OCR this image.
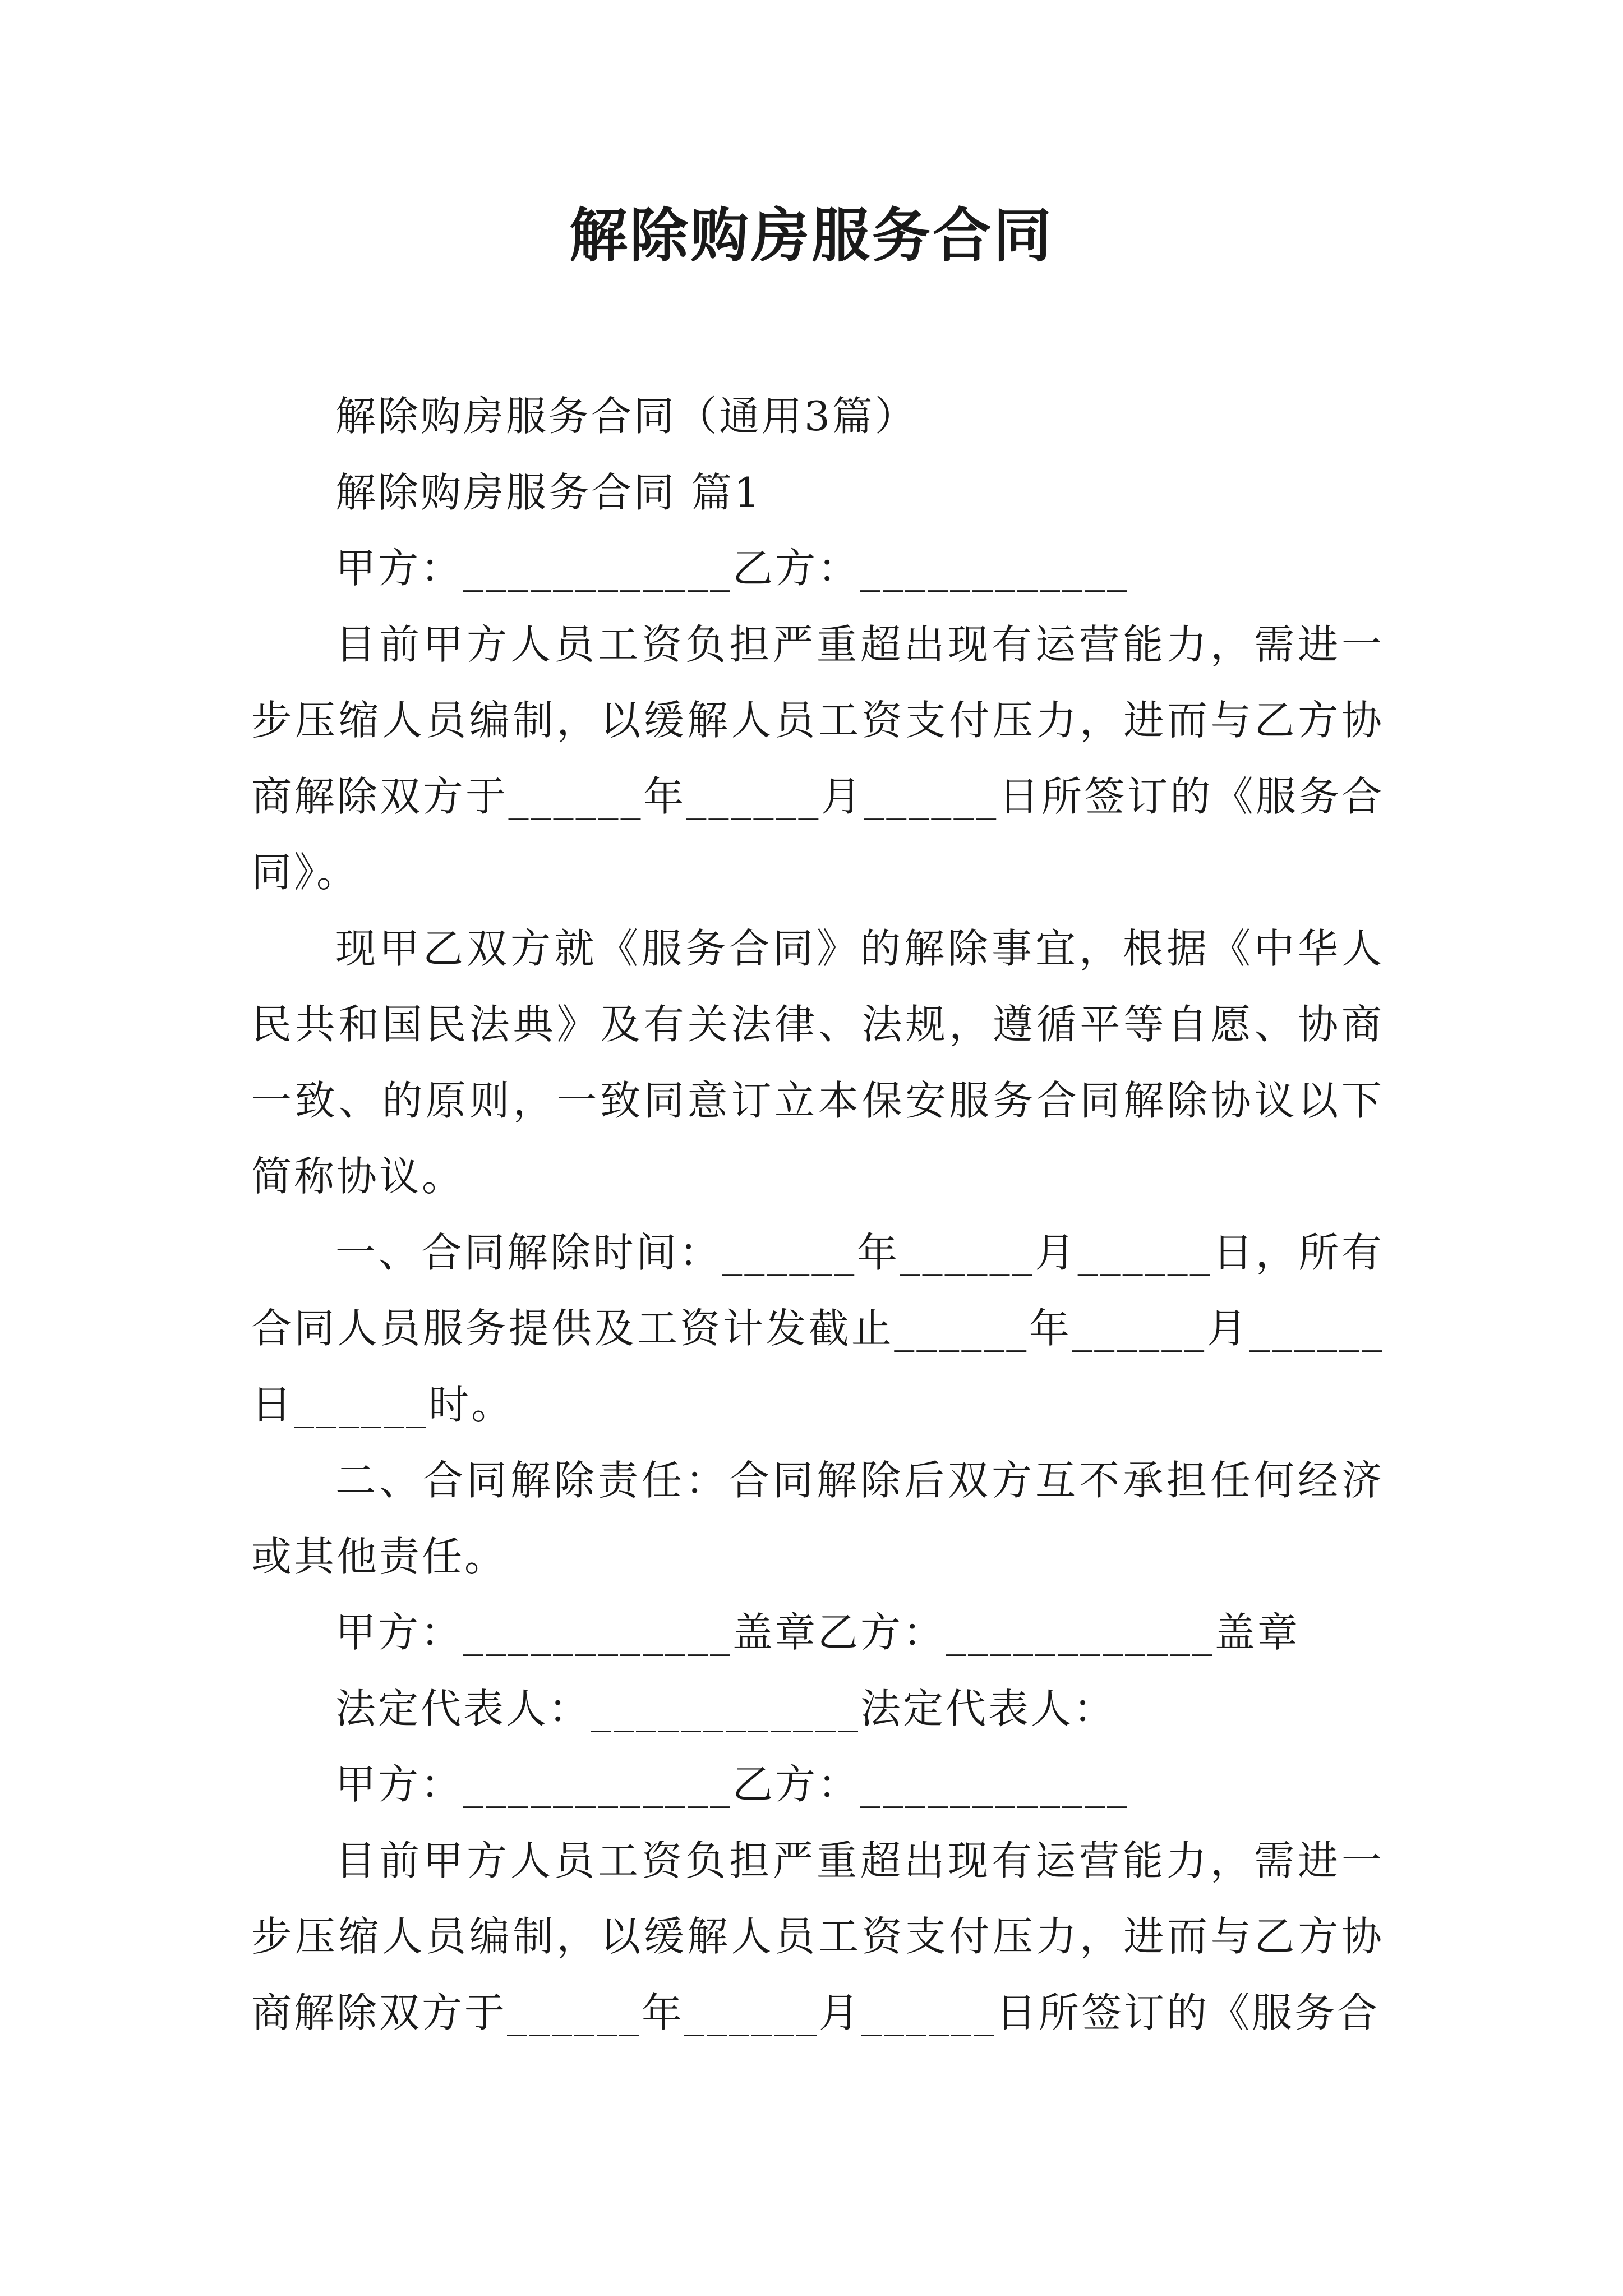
解除购房服务合同

解除购房服务合同（通用3篇）

解除购房服务合同 篇1

甲方：____________乙方：____________

目前甲方人员工资负担严重超出现有运营能力，需进一步压缩人员编制，以缓解人员工资支付压力，进而与乙方协商解除双方于______年______月______日所签订的《服务合同》。

现甲乙双方就《服务合同》的解除事宜，根据《中华人民共和国民法典》及有关法律、法规，遵循平等自愿、协商一致、的原则，一致同意订立本保安服务合同解除协议以下简称协议。

一、合同解除时间：______年______月______日，所有合同人员服务提供及工资计发截止______年______月______日______时。

二、合同解除责任：合同解除后双方互不承担任何经济或其他责任。

甲方：____________盖章乙方：____________盖章

法定代表人：____________法定代表人：

甲方：____________乙方：____________

目前甲方人员工资负担严重超出现有运营能力，需进一步压缩人员编制，以缓解人员工资支付压力，进而与乙方协商解除双方于______年______月______日所签订的《服务合
